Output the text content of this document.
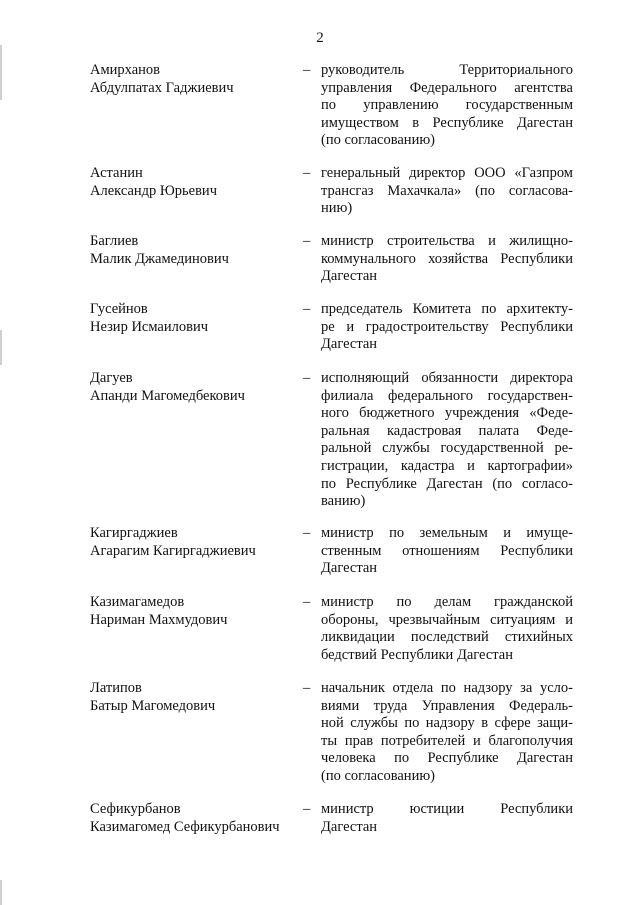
2
Амирханов
Абдулпатах Гаджиевич
– руководитель Территориального
управления Федерального агентства
по управлению государственным
имуществом в Республике Дагестан
(по согласованию)
Астанин
Александр Юрьевич
– генеральный директор ООО «Газпром
трансгаз Махачкала» (по согласова-
нию)
Баглиев
Малик Джамединович
– министр строительства и жилищно-
коммунального хозяйства Республики
Дагестан
Гусейнов
Незир Исмаилович
– председатель Комитета по архитекту-
ре и градостроительству Республики
Дагестан
Дагуев
Апанди Магомедбекович
– исполняющий обязанности директора
филиала федерального государствен-
ного бюджетного учреждения «Феде-
ральная кадастровая палата Феде-
ральной службы государственной ре-
гистрации, кадастра и картографии»
по Республике Дагестан (по согласо-
ванию)
Кагиргаджиев
Агарагим Кагиргаджиевич
– министр по земельным и имуще-
ственным отношениям Республики
Дагестан
Казимагамедов
Нариман Махмудович
– министр по делам гражданской
обороны, чрезвычайным ситуациям и
ликвидации последствий стихийных
бедствий Республики Дагестан
Латипов
Батыр Магомедович
– начальник отдела по надзору за усло-
виями труда Управления Федераль-
ной службы по надзору в сфере защи-
ты прав потребителей и благополучия
человека по Республике Дагестан
(по согласованию)
Сефикурбанов
Казимагомед Сефикурбанович
– министр юстиции Республики
Дагестан
